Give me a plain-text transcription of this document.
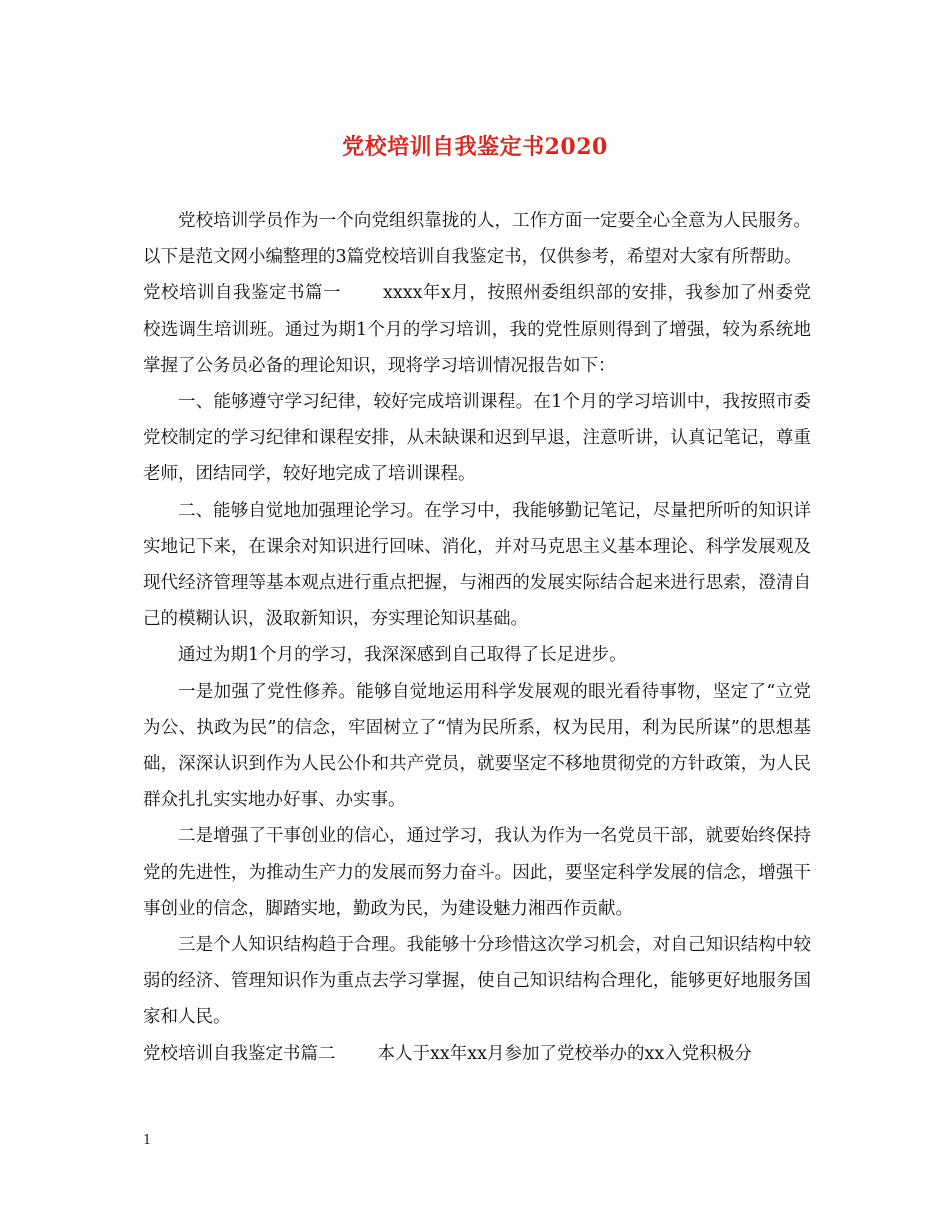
党校培训自我鉴定书2020

党校培训学员作为一个向党组织靠拢的人，工作方面一定要全心全意为人民服务。以下是范文网小编整理的3篇党校培训自我鉴定书，仅供参考，希望对大家有所帮助。

党校培训自我鉴定书篇一 xxxx年x月，按照州委组织部的安排，我参加了州委党校选调生培训班。通过为期1个月的学习培训，我的党性原则得到了增强，较为系统地掌握了公务员必备的理论知识，现将学习培训情况报告如下：

一、能够遵守学习纪律，较好完成培训课程。在1个月的学习培训中，我按照市委党校制定的学习纪律和课程安排，从未缺课和迟到早退，注意听讲，认真记笔记，尊重老师，团结同学，较好地完成了培训课程。

二、能够自觉地加强理论学习。在学习中，我能够勤记笔记，尽量把所听的知识详实地记下来，在课余对知识进行回味、消化，并对马克思主义基本理论、科学发展观及现代经济管理等基本观点进行重点把握，与湘西的发展实际结合起来进行思索，澄清自己的模糊认识，汲取新知识，夯实理论知识基础。

通过为期1个月的学习，我深深感到自己取得了长足进步。

一是加强了党性修养。能够自觉地运用科学发展观的眼光看待事物，坚定了“立党为公、执政为民”的信念，牢固树立了“情为民所系，权为民用，利为民所谋”的思想基础，深深认识到作为人民公仆和共产党员，就要坚定不移地贯彻党的方针政策，为人民群众扎扎实实地办好事、办实事。

二是增强了干事创业的信心，通过学习，我认为作为一名党员干部，就要始终保持党的先进性，为推动生产力的发展而努力奋斗。因此，要坚定科学发展的信念，增强干事创业的信念，脚踏实地，勤政为民，为建设魅力湘西作贡献。

三是个人知识结构趋于合理。我能够十分珍惜这次学习机会，对自己知识结构中较弱的经济、管理知识作为重点去学习掌握，使自己知识结构合理化，能够更好地服务国家和人民。

党校培训自我鉴定书篇二 本人于xx年xx月参加了党校举办的xx入党积极分

1
